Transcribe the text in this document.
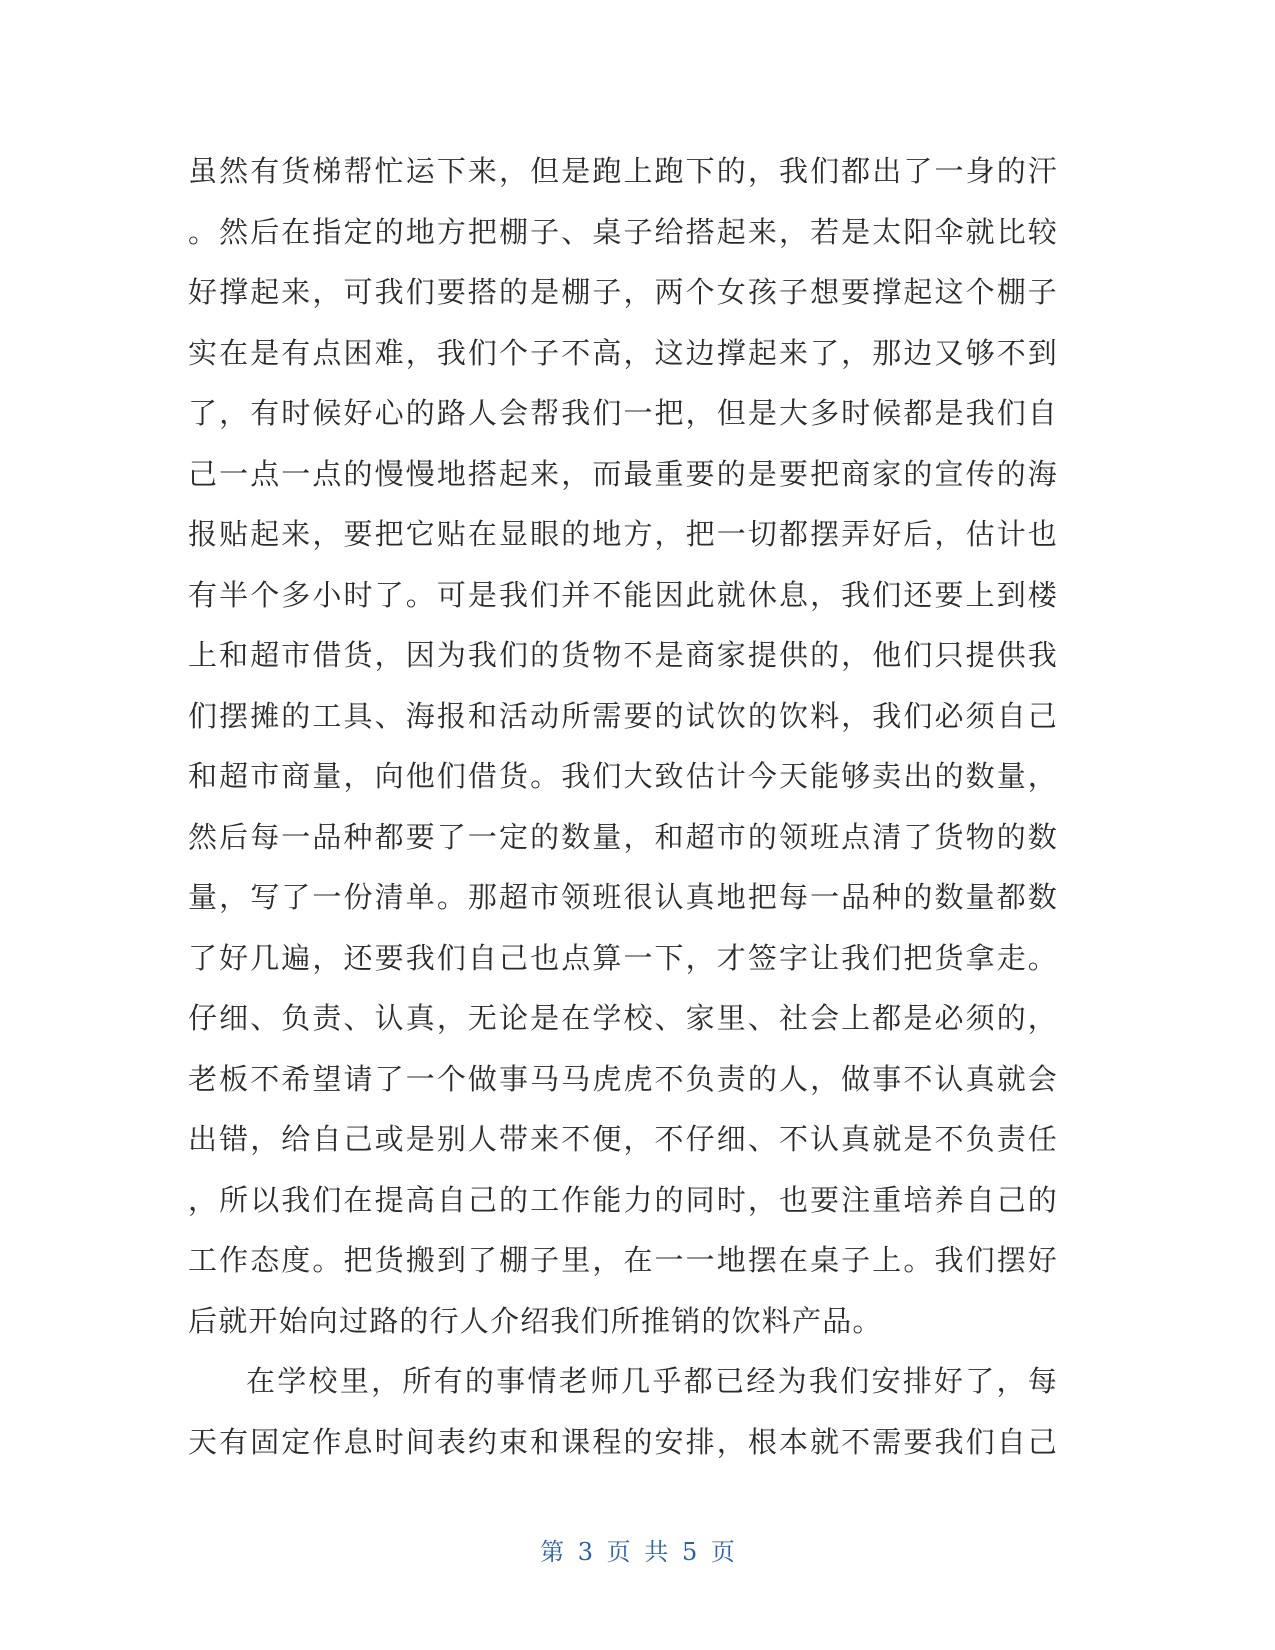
虽然有货梯帮忙运下来，但是跑上跑下的，我们都出了一身的汗
。然后在指定的地方把棚子、桌子给搭起来，若是太阳伞就比较
好撑起来，可我们要搭的是棚子，两个女孩子想要撑起这个棚子
实在是有点困难，我们个子不高，这边撑起来了，那边又够不到
了，有时候好心的路人会帮我们一把，但是大多时候都是我们自
己一点一点的慢慢地搭起来，而最重要的是要把商家的宣传的海
报贴起来，要把它贴在显眼的地方，把一切都摆弄好后，估计也
有半个多小时了。可是我们并不能因此就休息，我们还要上到楼
上和超市借货，因为我们的货物不是商家提供的，他们只提供我
们摆摊的工具、海报和活动所需要的试饮的饮料，我们必须自己
和超市商量，向他们借货。我们大致估计今天能够卖出的数量，
然后每一品种都要了一定的数量，和超市的领班点清了货物的数
量，写了一份清单。那超市领班很认真地把每一品种的数量都数
了好几遍，还要我们自己也点算一下，才签字让我们把货拿走。
仔细、负责、认真，无论是在学校、家里、社会上都是必须的，
老板不希望请了一个做事马马虎虎不负责的人，做事不认真就会
出错，给自己或是别人带来不便，不仔细、不认真就是不负责任
，所以我们在提高自己的工作能力的同时，也要注重培养自己的
工作态度。把货搬到了棚子里，在一一地摆在桌子上。我们摆好
后就开始向过路的行人介绍我们所推销的饮料产品。
在学校里，所有的事情老师几乎都已经为我们安排好了，每
天有固定作息时间表约束和课程的安排，根本就不需要我们自己
第 3 页 共 5 页
